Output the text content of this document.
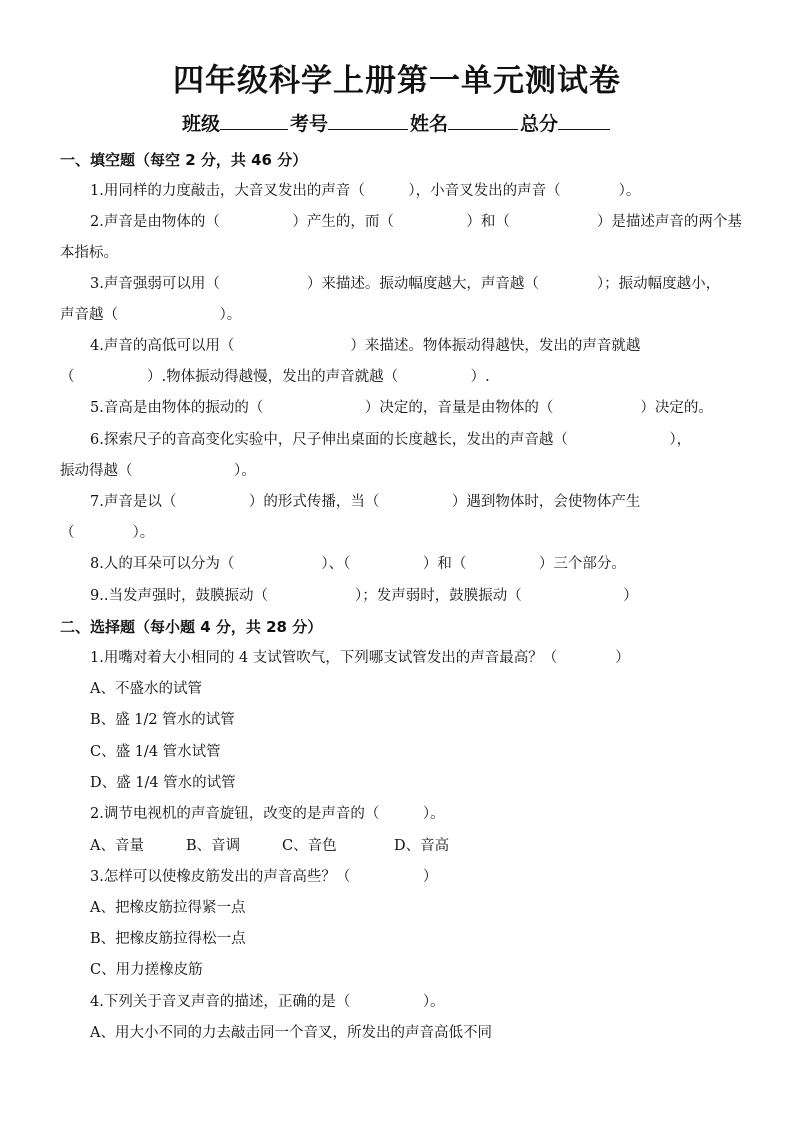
四年级科学上册第一单元测试卷
班级	考号	姓名	总分
一、填空题（每空 2 分，共 46 分）
1.用同样的力度敲击，大音叉发出的声音（　　　），小音叉发出的声音（　　　　）。
2.声音是由物体的（　　　　　）产生的，而（　　　　　）和（　　　　　　）是描述声音的两个基
本指标。
3.声音强弱可以用（　　　　　　）来描述。振动幅度越大，声音越（　　　　）；振动幅度越小，
声音越（　　　　　　　）。
4.声音的高低可以用（　　　　　　　　）来描述。物体振动得越快，发出的声音就越
（　　　　　）.物体振动得越慢，发出的声音就越（　　　　　）.
5.音高是由物体的振动的（　　　　　　　）决定的，音量是由物体的（　　　　　　）决定的。
6.探索尺子的音高变化实验中，尺子伸出桌面的长度越长，发出的声音越（　　　　　　　），
振动得越（　　　　　　　）。
7.声音是以（　　　　　）的形式传播，当（　　　　　）遇到物体时，会使物体产生
（　　　　）。
8.人的耳朵可以分为（　　　　　　）、（　　　　　）和（　　　　　）三个部分。
9..当发声强时，鼓膜振动（　　　　　　）；发声弱时，鼓膜振动（　　　　　　　）
二、选择题（每小题 4 分，共 28 分）
1.用嘴对着大小相同的 4 支试管吹气，下列哪支试管发出的声音最高？（　　　　）
A、不盛水的试管
B、盛 1/2 管水的试管
C、盛 1/4 管水试管
D、盛 1/4 管水的试管
2.调节电视机的声音旋钮，改变的是声音的（　　　）。
A、音量	B、音调	C、音色	D、音高
3.怎样可以使橡皮筋发出的声音高些？（　　　　　）
A、把橡皮筋拉得紧一点
B、把橡皮筋拉得松一点
C、用力搓橡皮筋
4.下列关于音叉声音的描述，正确的是（　　　　　）。
A、用大小不同的力去敲击同一个音叉，所发出的声音高低不同
